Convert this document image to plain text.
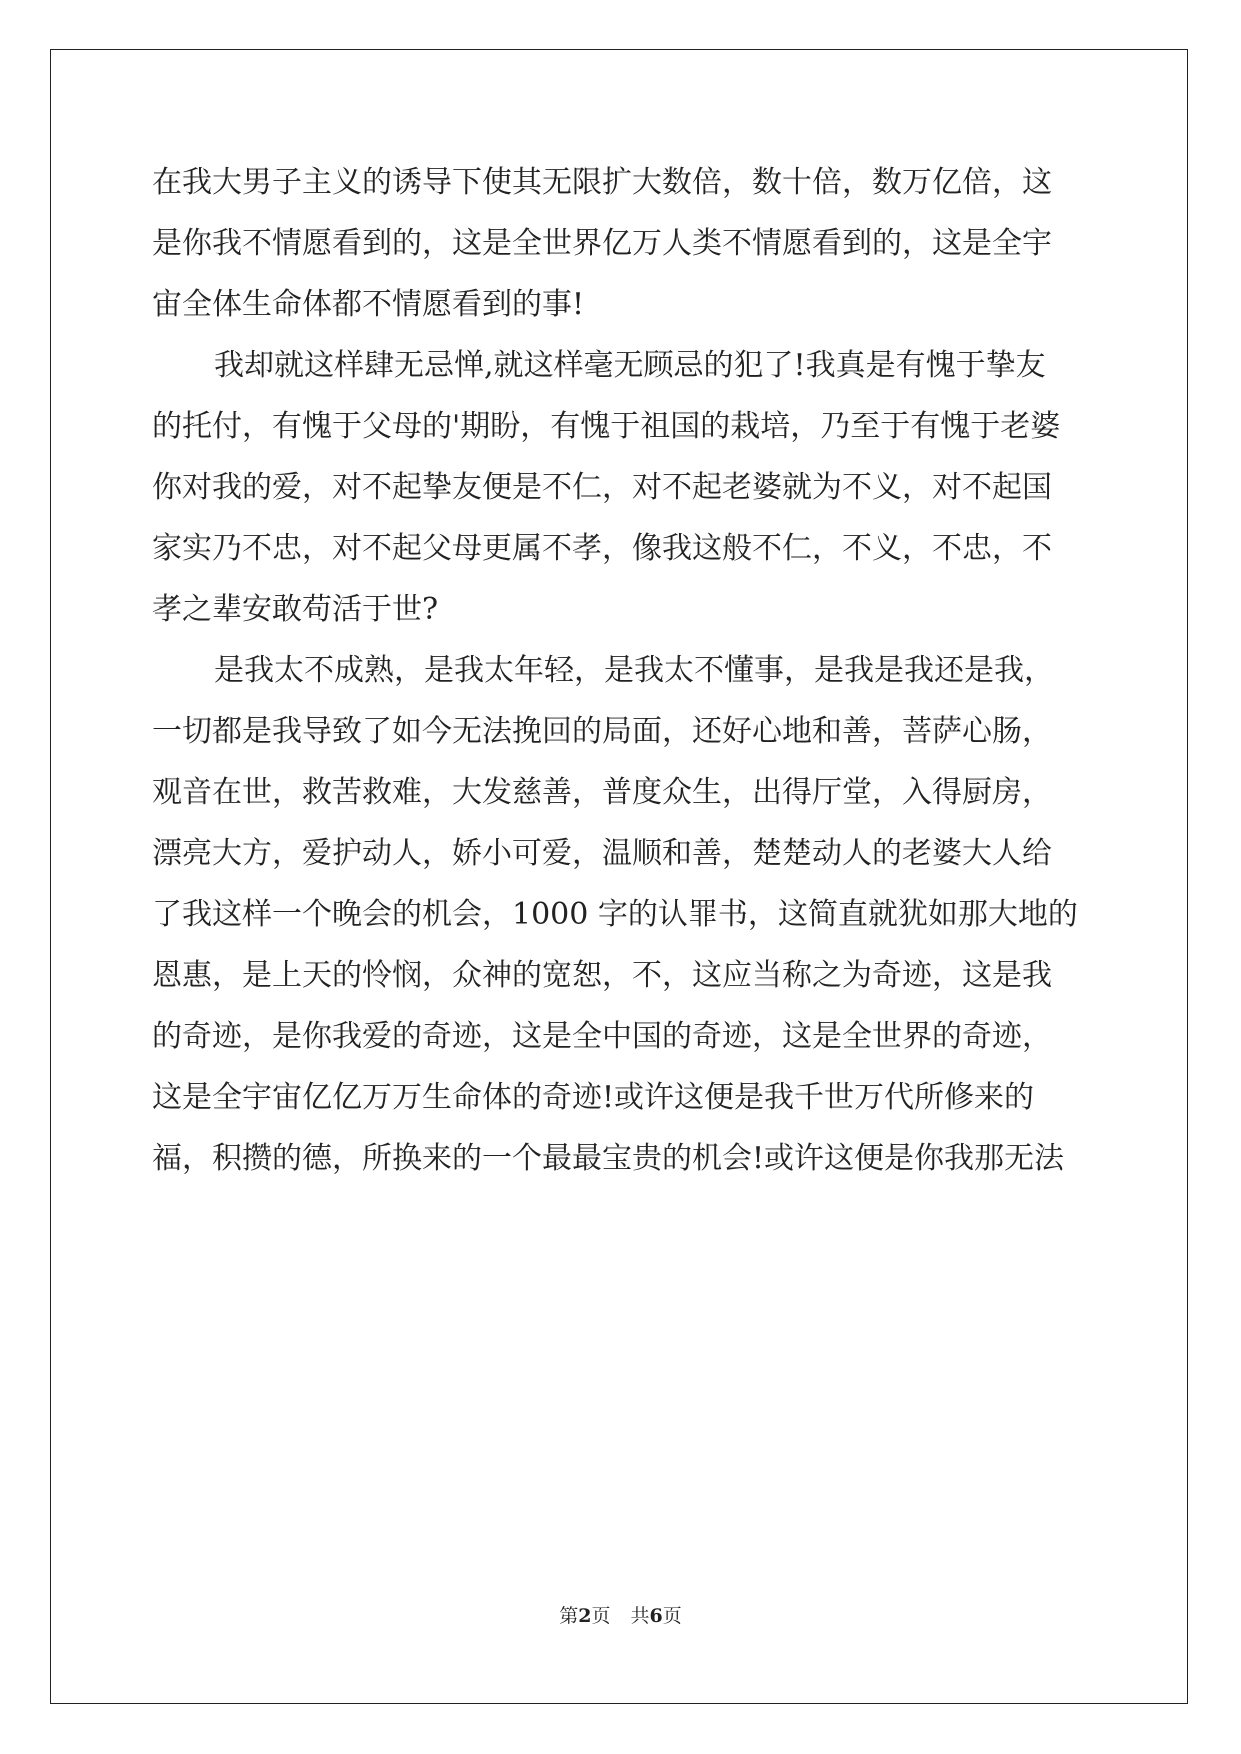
在我大男子主义的诱导下使其无限扩大数倍，数十倍，数万亿倍，这
是你我不情愿看到的，这是全世界亿万人类不情愿看到的，这是全宇
宙全体生命体都不情愿看到的事!
我却就这样肆无忌惮,就这样毫无顾忌的犯了!我真是有愧于挚友
的托付，有愧于父母的'期盼，有愧于祖国的栽培，乃至于有愧于老婆
你对我的爱，对不起挚友便是不仁，对不起老婆就为不义，对不起国
家实乃不忠，对不起父母更属不孝，像我这般不仁，不义，不忠，不
孝之辈安敢苟活于世?
是我太不成熟，是我太年轻，是我太不懂事，是我是我还是我，
一切都是我导致了如今无法挽回的局面，还好心地和善，菩萨心肠，
观音在世，救苦救难，大发慈善，普度众生，出得厅堂，入得厨房，
漂亮大方，爱护动人，娇小可爱，温顺和善，楚楚动人的老婆大人给
了我这样一个晚会的机会，1000 字的认罪书，这简直就犹如那大地的
恩惠，是上天的怜悯，众神的宽恕，不，这应当称之为奇迹，这是我
的奇迹，是你我爱的奇迹，这是全中国的奇迹，这是全世界的奇迹，
这是全宇宙亿亿万万生命体的奇迹!或许这便是我千世万代所修来的
福，积攒的德，所换来的一个最最宝贵的机会!或许这便是你我那无法
第2页 共6页
